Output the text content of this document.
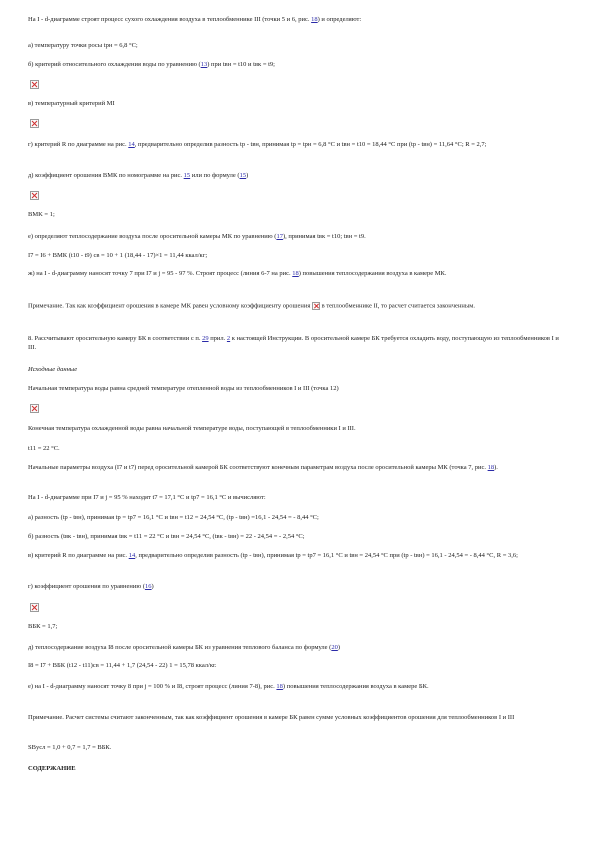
На I - d-диаграмме строят процесс сухого охлаждения воздуха в теплообменнике III (точки 5 и 6, рис. 18) и определяют:
а) температуру точки росы tрн = 6,8 °С;
б) критерий относительного охлаждения воды по уравнению (13) при tвн = t10 и tвк = t9;
в) температурный критерий ΜI
г) критерий R по диаграмме на рис. 14, предварительно определив разность tр - tвн, принимая tр = tрн = 6,8 °С и tвн = t10 = 18,44 °С при (tр - tвн) = 11,64 °С; R = 2,7;
д) коэффициент орошения ВМК по номограмме на рис. 15 или по формуле (15)
BMK = 1;
е) определяют теплосодержание воздуха после оросительной камеры МК по уравнению (17), принимая tвк = t10; tвн = t9.
I7 = I6 + BМК (t10 - t9) св = 10 + 1 (18,44 - 17)×1 = 11,44 ккал/кг;
ж) на I - d-диаграмму наносят точку 7 при I7 и j = 95 - 97 %. Строят процесс (линия 6-7 на рис. 18) повышения теплосодержания воздуха в камере МК.
Примечание. Так как коэффициент орошения в камере МК равен условному коэффициенту орошения  в теплообменнике II, то расчет считается законченным.
8. Рассчитывают оросительную камеру БК в соответствии с п. 29 прил. 2 к настоящей Инструкции. В оросительной камере БК требуется охладить воду, поступающую из теплообменников I и III.
Исходные данные
Начальная температура воды равна средней температуре отепленной воды из теплообменников I и III (точка 12)
Конечная температура охлажденной воды равна начальной температуре воды, поступающей в теплообменники I и III.
t11 = 22 °С.
Начальные параметры воздуха (I7 и t7) перед оросительной камерой БК соответствуют конечным параметрам воздуха после оросительной камеры МК (точка 7, рис. 18).
На I - d-диаграмме при I7 и j = 95 % находят t7 = 17,1 °С и tр7 = 16,1 °С и вычисляют:
а) разность (tр - tвн), принимая tр = tр7 = 16,1 °С и tвн = t12 = 24,54 °С, (tр - tвн) =16,1 - 24,54 = - 8,44 °С;
б) разность (tвк - tвн), принимая tвк = t11 = 22 °С и tвн = 24,54 °С, (tвк - tвн) = 22 - 24,54 = - 2,54 °С;
в) критерий R по диаграмме на рис. 14, предварительно определив разность (tр - tвн), принимая tр = tр7 = 16,1 °С и tвн = 24,54 °С при (tр - tвн) = 16,1 - 24,54 = - 8,44 °С, R = 3,6;
г) коэффициент орошения по уравнению (16)
BБК = 1,7;
д) теплосодержание воздуха I8 после оросительной камеры БК из уравнения теплового баланса по формуле (20)
I8 = I7 + BБК (t12 - t11)св = 11,44 + 1,7 (24,54 - 22) 1 = 15,78 ккал/кг.
е) на I - d-диаграмму наносят точку 8 при j = 100 % и I8, строят процесс (линия 7-8), рис. 18) повышения теплосодержания воздуха в камере БК.
Примечание. Расчет системы считают законченным, так как коэффициент орошения в камере БК равен сумме условных коэффициентов орошения для теплообменников I и III
SBусл = 1,0 + 0,7 = 1,7 = BБК.
СОДЕРЖАНИЕ
